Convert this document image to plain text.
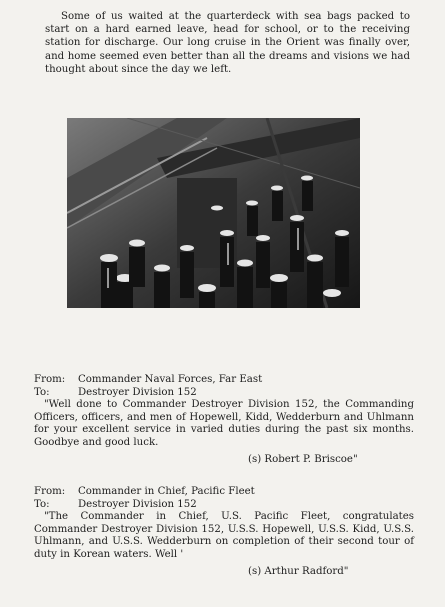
Some of us waited at the quarterdeck with sea bags packed to start on a hard earned leave, head for school, or to the receiving station for discharge. Our long cruise in the Orient was finally over, and home seemed even better than all the dreams and visions we had thought about since the day we left.

From:	Commander Naval Forces, Far East
To:	Destroyer Division 152

"Well done to Commander Destroyer Division 152, the Commanding Officers, officers, and men of Hopewell, Kidd, Wedderburn and Uhlmann for your excellent service in varied duties during the past six months. Goodbye and good luck.

(s) Robert P. Briscoe"

From:	Commander in Chief, Pacific Fleet
To:	Destroyer Division 152

"The Commander in Chief, U.S. Pacific Fleet, congratulates Commander Destroyer Division 152, U.S.S. Hopewell, U.S.S. Kidd, U.S.S. Uhlmann, and U.S.S. Wedderburn on completion of their second tour of duty in Korean waters. Well '

(s) Arthur Radford"
